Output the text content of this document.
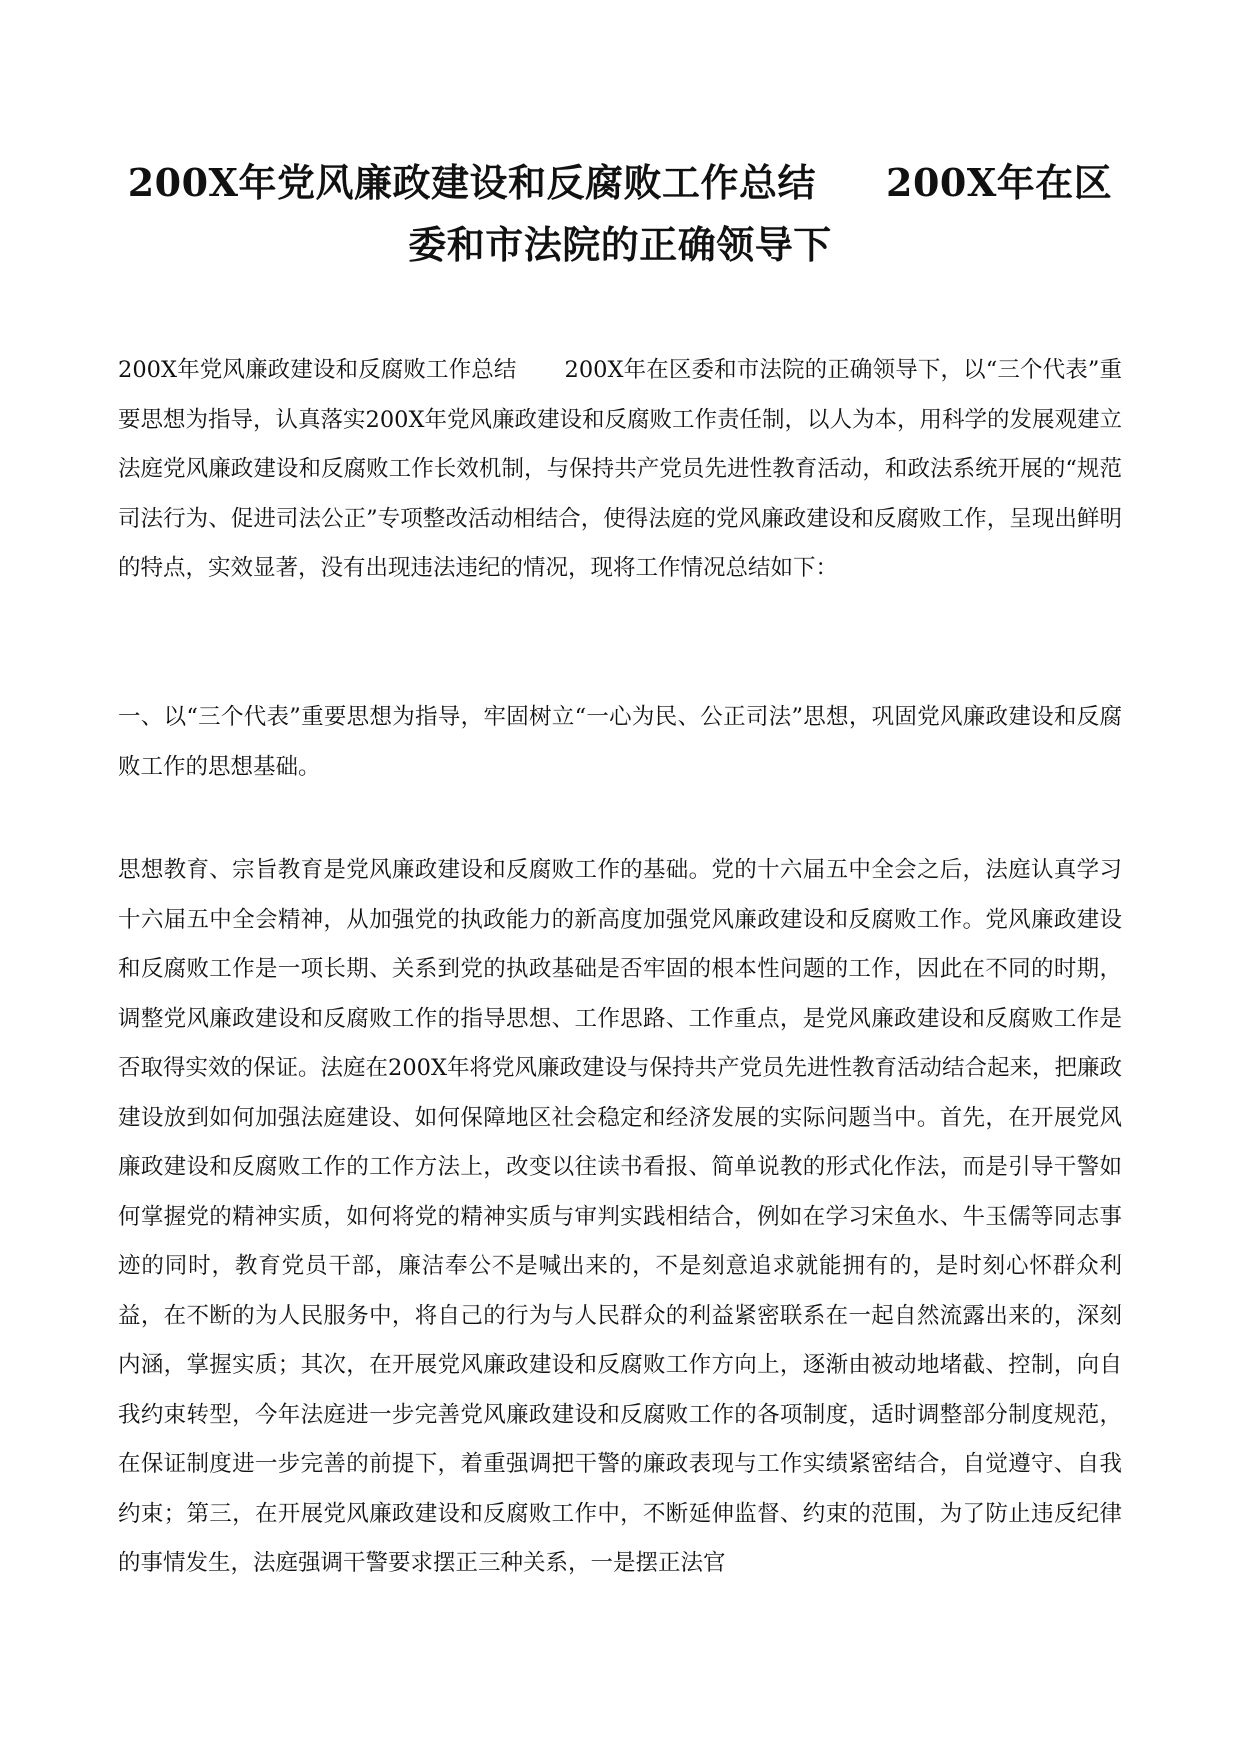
200X年党风廉政建设和反腐败工作总结 200X年在区委和市法院的正确领导下

200X年党风廉政建设和反腐败工作总结 200X年在区委和市法院的正确领导下，以“三个代表”重要思想为指导，认真落实200X年党风廉政建设和反腐败工作责任制，以人为本，用科学的发展观建立法庭党风廉政建设和反腐败工作长效机制，与保持共产党员先进性教育活动，和政法系统开展的“规范司法行为、促进司法公正”专项整改活动相结合，使得法庭的党风廉政建设和反腐败工作，呈现出鲜明的特点，实效显著，没有出现违法违纪的情况，现将工作情况总结如下：

一、以“三个代表”重要思想为指导，牢固树立“一心为民、公正司法”思想，巩固党风廉政建设和反腐败工作的思想基础。

思想教育、宗旨教育是党风廉政建设和反腐败工作的基础。党的十六届五中全会之后，法庭认真学习十六届五中全会精神，从加强党的执政能力的新高度加强党风廉政建设和反腐败工作。党风廉政建设和反腐败工作是一项长期、关系到党的执政基础是否牢固的根本性问题的工作，因此在不同的时期，调整党风廉政建设和反腐败工作的指导思想、工作思路、工作重点，是党风廉政建设和反腐败工作是否取得实效的保证。法庭在200X年将党风廉政建设与保持共产党员先进性教育活动结合起来，把廉政建设放到如何加强法庭建设、如何保障地区社会稳定和经济发展的实际问题当中。首先，在开展党风廉政建设和反腐败工作的工作方法上，改变以往读书看报、简单说教的形式化作法，而是引导干警如何掌握党的精神实质，如何将党的精神实质与审判实践相结合，例如在学习宋鱼水、牛玉儒等同志事迹的同时，教育党员干部，廉洁奉公不是喊出来的，不是刻意追求就能拥有的，是时刻心怀群众利益，在不断的为人民服务中，将自己的行为与人民群众的利益紧密联系在一起自然流露出来的，深刻内涵，掌握实质；其次，在开展党风廉政建设和反腐败工作方向上，逐渐由被动地堵截、控制，向自我约束转型，今年法庭进一步完善党风廉政建设和反腐败工作的各项制度，适时调整部分制度规范，在保证制度进一步完善的前提下，着重强调把干警的廉政表现与工作实绩紧密结合，自觉遵守、自我约束；第三，在开展党风廉政建设和反腐败工作中，不断延伸监督、约束的范围，为了防止违反纪律的事情发生，法庭强调干警要求摆正三种关系，一是摆正法官
